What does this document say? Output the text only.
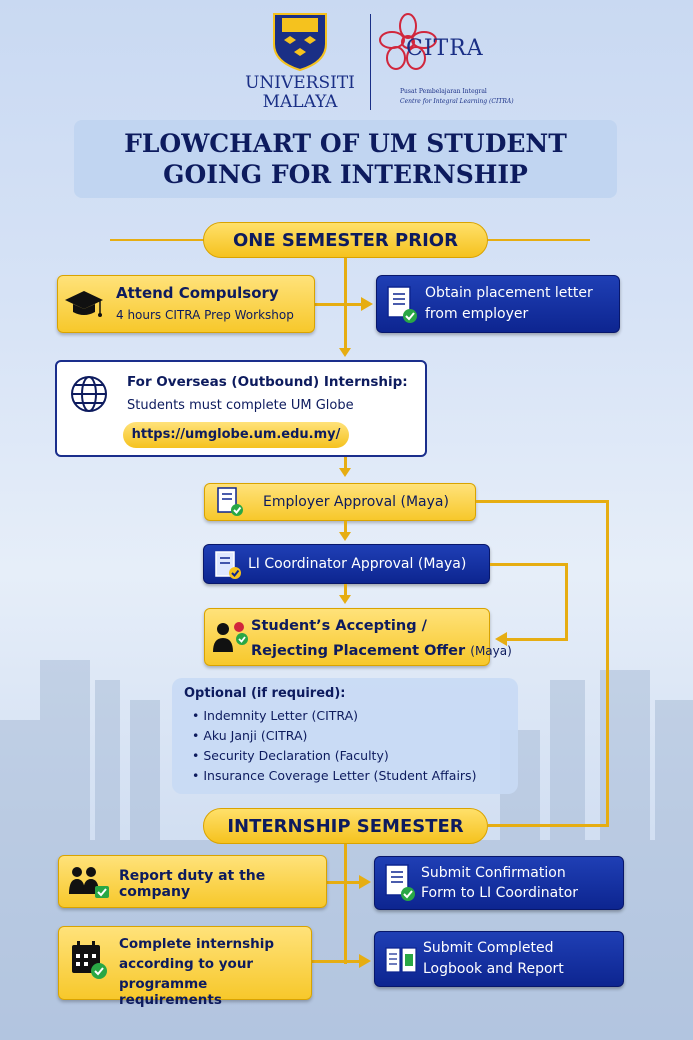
UNIVERSITI
MALAYA
CITRA
Pusat Pembelajaran Integral
Centre for Integral Learning (CITRA)
FLOWCHART OF UM STUDENT
GOING FOR INTERNSHIP
ONE SEMESTER PRIOR
Attend Compulsory
4 hours CITRA Prep Workshop
Obtain placement letter
from employer
For Overseas (Outbound) Internship:
Students must complete UM Globe
https://umglobe.um.edu.my/
Employer Approval (Maya)
LI Coordinator Approval (Maya)
Student’s Accepting /
Rejecting Placement Offer (Maya)
Optional (if required):
• Indemnity Letter (CITRA)
• Aku Janji (CITRA)
• Security Declaration (Faculty)
• Insurance Coverage Letter (Student Affairs)
INTERNSHIP SEMESTER
Report duty at the company
Submit Confirmation
Form to LI Coordinator
Complete internship
according to your
programme requirements
Submit Completed
Logbook and Report
